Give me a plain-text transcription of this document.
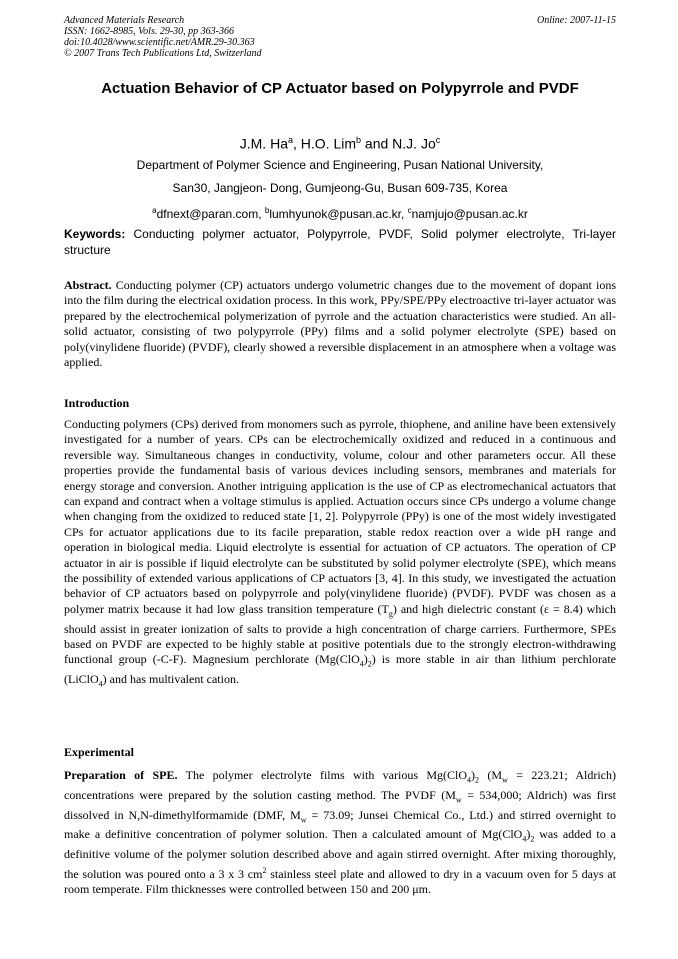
Advanced Materials Research
ISSN: 1662-8985, Vols. 29-30, pp 363-366
doi:10.4028/www.scientific.net/AMR.29-30.363
© 2007 Trans Tech Publications Ltd, Switzerland
Online: 2007-11-15
Actuation Behavior of CP Actuator based on Polypyrrole and PVDF
J.M. Ha$^a$, H.O. Lim$^b$ and N.J. Jo$^c$
Department of Polymer Science and Engineering, Pusan National University,
San30, Jangjeon- Dong, Gumjeong-Gu, Busan 609-735, Korea
$^a$dfnext@paran.com, $^b$lumhyunok@pusan.ac.kr, $^c$namjujo@pusan.ac.kr
Keywords: Conducting polymer actuator, Polypyrrole, PVDF, Solid polymer electrolyte, Tri-layer structure
Abstract. Conducting polymer (CP) actuators undergo volumetric changes due to the movement of dopant ions into the film during the electrical oxidation process. In this work, PPy/SPE/PPy electroactive tri-layer actuator was prepared by the electrochemical polymerization of pyrrole and the actuation characteristics were studied. An all-solid actuator, consisting of two polypyrrole (PPy) films and a solid polymer electrolyte (SPE) based on poly(vinylidene fluoride) (PVDF), clearly showed a reversible displacement in an atmosphere when a voltage was applied.
Introduction
Conducting polymers (CPs) derived from monomers such as pyrrole, thiophene, and aniline have been extensively investigated for a number of years. CPs can be electrochemically oxidized and reduced in a continuous and reversible way. Simultaneous changes in conductivity, volume, colour and other parameters occur. All these properties provide the fundamental basis of various devices including sensors, membranes and materials for energy storage and conversion. Another intriguing application is the use of CP as electromechanical actuators that can expand and contract when a voltage stimulus is applied. Actuation occurs since CPs undergo a volume change when changing from the oxidized to reduced state [1, 2]. Polypyrrole (PPy) is one of the most widely investigated CPs for actuator applications due to its facile preparation, stable redox reaction over a wide pH range and operation in biological media. Liquid electrolyte is essential for actuation of CP actuators. The operation of CP actuator in air is possible if liquid electrolyte can be substituted by solid polymer electrolyte (SPE), which means the possibility of extended various applications of CP actuators [3, 4]. In this study, we investigated the actuation behavior of CP actuators based on polypyrrole and poly(vinylidene fluoride) (PVDF). PVDF was chosen as a polymer matrix because it had low glass transition temperature $(T_g)$ and high dielectric constant (ε = 8.4) which should assist in greater ionization of salts to provide a high concentration of charge carriers. Furthermore, SPEs based on PVDF are expected to be highly stable at positive potentials due to the strongly electron-withdrawing functional group (-C-F). Magnesium perchlorate $(Mg(ClO_4)_2)$ is more stable in air than lithium perchlorate (LiClO$_4$) and has multivalent cation.
Experimental
Preparation of SPE. The polymer electrolyte films with various $Mg(ClO_4)_2$ ($M_w = 223.21$; Aldrich) concentrations were prepared by the solution casting method. The PVDF ($M_w = 534,000$; Aldrich) was first dissolved in N,N-dimethylformamide (DMF, $M_w = 73.09$; Junsei Chemical Co., Ltd.) and stirred overnight to make a definitive concentration of polymer solution. Then a calculated amount of $Mg(ClO_4)_2$ was added to a definitive volume of the polymer solution described above and again stirred overnight. After mixing thoroughly, the solution was poured onto a 3 x 3 $cm^2$ stainless steel plate and allowed to dry in a vacuum oven for 5 days at room temperate. Film thicknesses were controlled between 150 and 200 μm.
